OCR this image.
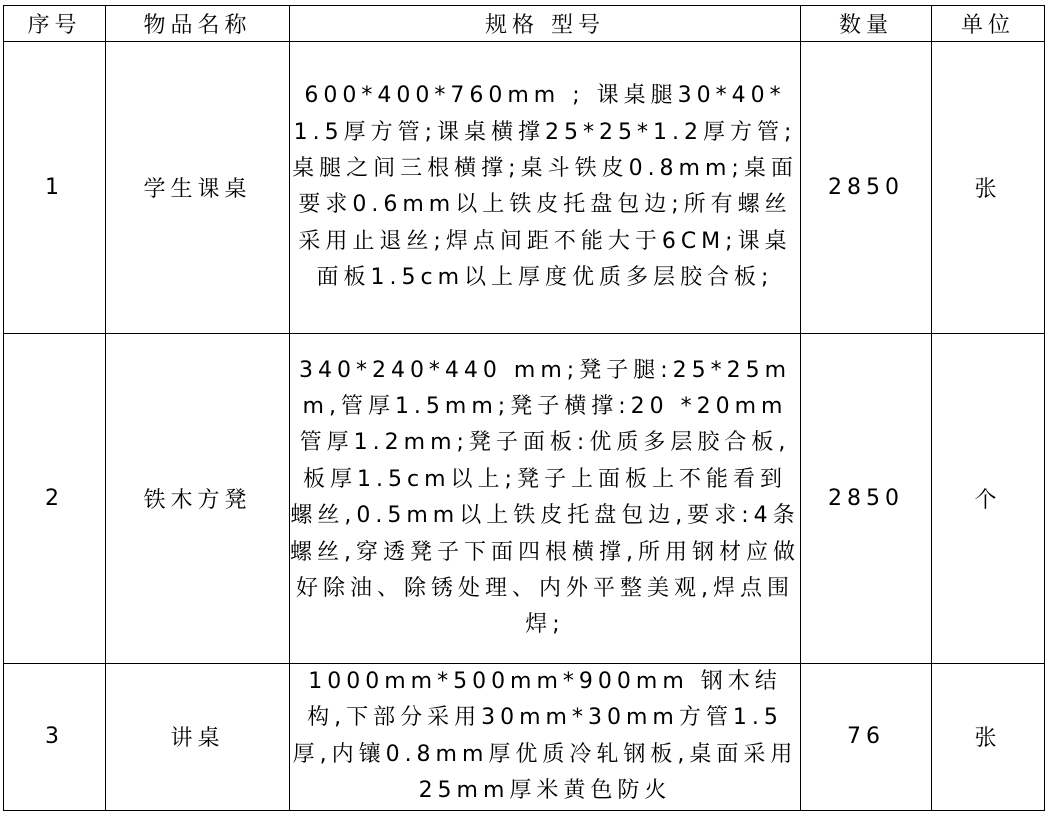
序号	物品名称	规格 型号	数量	单位
1	学生课桌	600*400*760mm ; 课桌腿30*40*1.5厚方管;课桌横撑25*25*1.2厚方管;桌腿之间三根横撑;桌斗铁皮0.8mm;桌面要求0.6mm以上铁皮托盘包边;所有螺丝采用止退丝;焊点间距不能大于6CM;课桌面板1.5cm以上厚度优质多层胶合板;	2850	张
2	铁木方凳	340*240*440 mm;凳子腿:25*25mm,管厚1.5mm;凳子横撑:20 *20mm管厚1.2mm;凳子面板:优质多层胶合板,板厚1.5cm以上;凳子上面板上不能看到螺丝,0.5mm以上铁皮托盘包边,要求:4条螺丝,穿透凳子下面四根横撑,所用钢材应做好除油、除锈处理、内外平整美观,焊点围焊;	2850	个
3	讲桌	1000mm*500mm*900mm 钢木结构,下部分采用30mm*30mm方管1.5厚,内镶0.8mm厚优质冷轧钢板,桌面采用25mm厚米黄色防火	76	张
